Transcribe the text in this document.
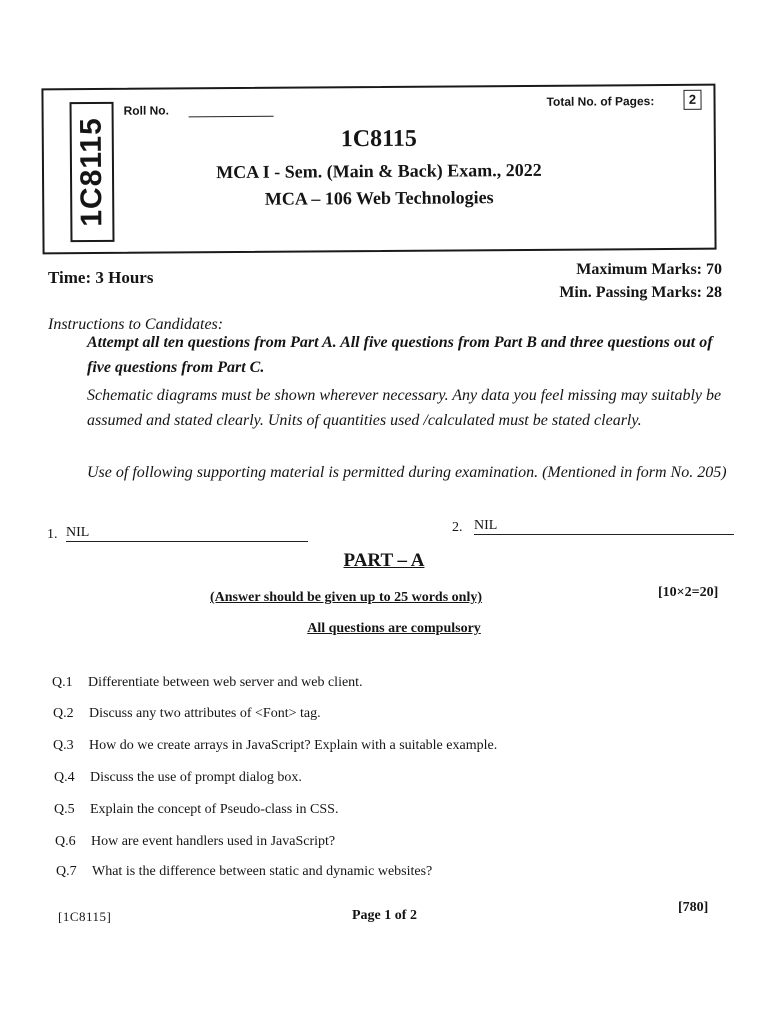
1C8115
Roll No.
Total No. of Pages:	2
1C8115
MCA I - Sem. (Main & Back) Exam., 2022
MCA – 106 Web Technologies
Time: 3 Hours	Maximum Marks: 70
Min. Passing Marks: 28
Instructions to Candidates:
Attempt all ten questions from Part A. All five questions from Part B and three questions out of five questions from Part C.
Schematic diagrams must be shown wherever necessary. Any data you feel missing may suitably be assumed and stated clearly. Units of quantities used /calculated must be stated clearly.
Use of following supporting material is permitted during examination. (Mentioned in form No. 205)
1. NIL	2. NIL
PART – A
(Answer should be given up to 25 words only)	[10×2=20]
All questions are compulsory
Q.1 Differentiate between web server and web client.
Q.2 Discuss any two attributes of <Font> tag.
Q.3 How do we create arrays in JavaScript? Explain with a suitable example.
Q.4 Discuss the use of prompt dialog box.
Q.5 Explain the concept of Pseudo-class in CSS.
Q.6 How are event handlers used in JavaScript?
Q.7 What is the difference between static and dynamic websites?
[1C8115]	Page 1 of 2
[780]
